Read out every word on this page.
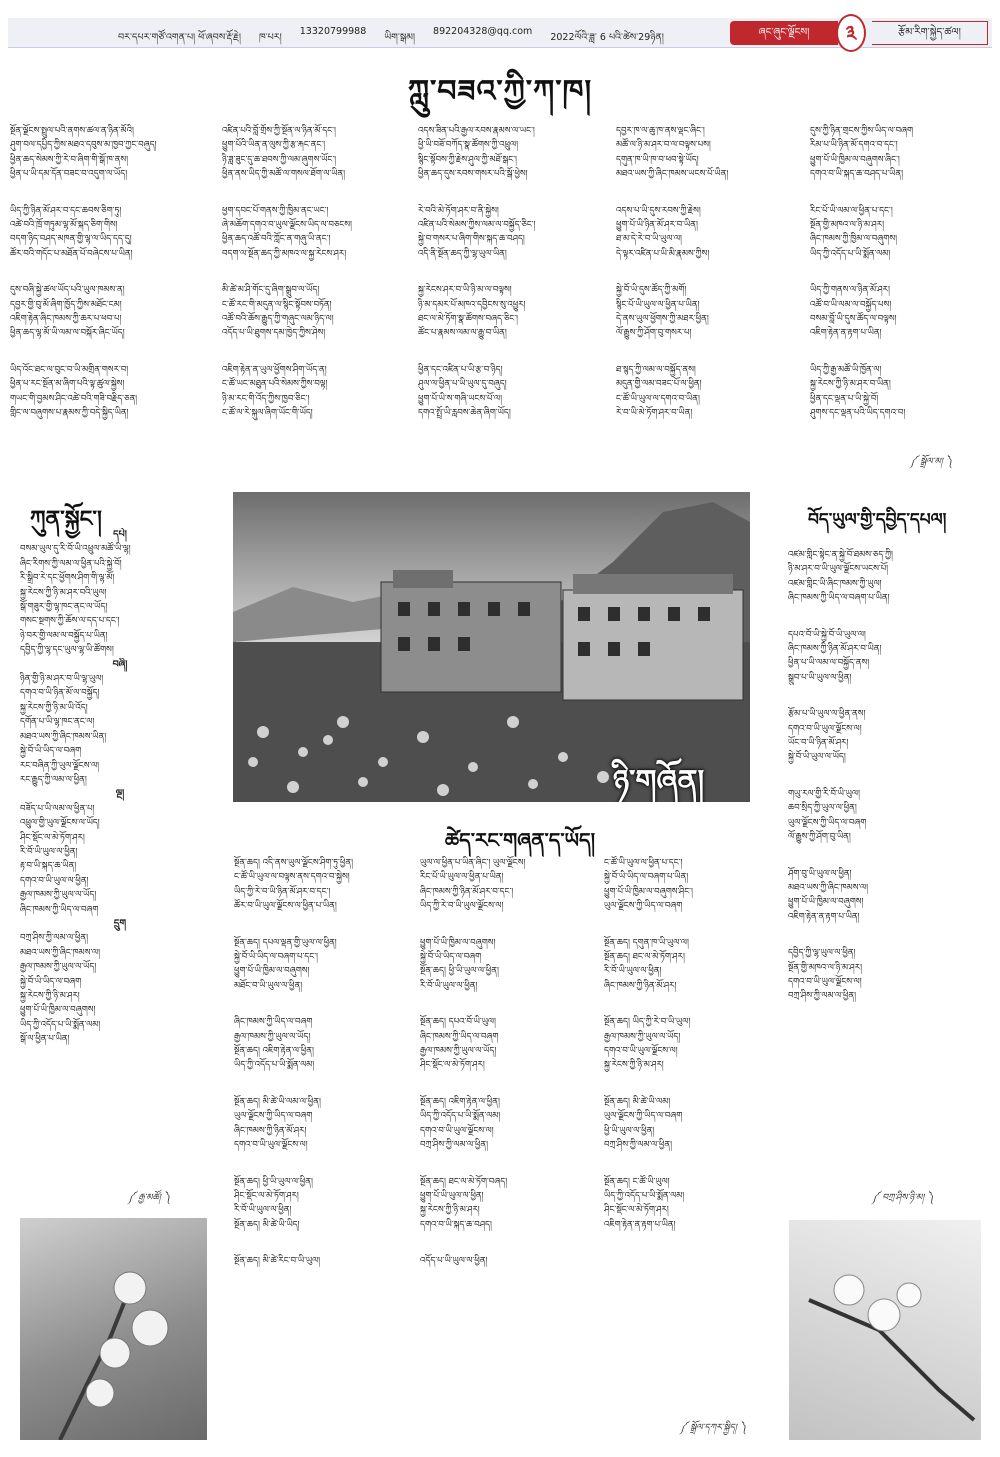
བར་དཔར་གཙོ་འགན་པ། ཕོ་ཞབས་རྡོ་རྗེ། ཁ་པར།
13320799988
ཡིག་སྒམ།
892204328@qq.com
2022ལོའི་ཟླ་ 6 པའི་ཚེས་29ཉིན།	ཞང་ཞུང་ལྗོངས།	༣	རྩོམ་རིག་སྐྱེད་ཚལ།
ཀླུ་བཟའ་ཀྱི་ཀ་ཁ།

སྔོན་ལྗོངས་སྤྲུལ་པའི་ནགས་ཚལ་ན་ཉིན་མོའི།

ཤུག་བལ་དཔྱིད་ཀྱིས་མཐའ་དབུས་མ་ཁྱབ་ཀྱང་བཞུད།

ཕྱིན་ཆད་སེམས་ཀྱི་རེ་བ་ཞིག་གི་སྒོ་ཁ་ནས།

ཕྱིན་པ་ཡི་དམ་དོན་བཟང་བ་འདུག་ལ་ཡོད།

ཡིད་ཀྱི་ཉིན་མོ་ཤར་བ་དང་ཆབས་ཅིག་ཏུ།

འཚེ་བའི་ཁྲོ་གཏུམ་ལྷ་མོ་སྐད་ཅིག་གིས།

བདག་ཉིད་བཤད་མཁན་གྱི་ལྷ་ལ་ཡིད་དད་དུ།

ཚོར་བའི་གདོང་པ་མཐོན་པོ་བཞེངས་པ་ཡིན།

དུས་བཞི་སྐྱེ་ཚལ་ཡོད་པའི་ཡུལ་ཁམས་ན།

དབྱར་གྱི་བུ་མོ་ཞིག་ཁྱོད་ཀྱིས་མཐོང་ངམ།

འཇིག་རྟེན་ཞིང་ཁམས་ཀྱི་ཆར་པ་ཕབ་པ།

ཕྱིན་ཆད་ལྷ་མོ་ཡི་ལམ་ལ་བསྐོར་ཞིང་ཡོད།

ཡིད་འོང་ཐང་ལ་བུང་བ་ཡི་མགྲིན་གསར་བ།

ཕྱིན་པ་རང་སྔོན་མ་ཞིག་པའི་ལྟ་ཚུལ་སྐྱེས།

གཡང་གི་བྱམས་ཤིང་འཚེ་བའི་གཟི་བརྗིད་ཅན།

གླིང་ལ་བཞུགས་པ་རྣམས་ཀྱི་བདེ་སྐྱིད་ཡིན།

འཛིན་པའི་བློ་གྲོས་ཀྱི་སྔོན་ལ་ཉིན་མོ་དང་།

ཕྱུག་པོའི་ཡིན་ན་ལུས་ཀྱི་རྩ་རྐང་ནང་།

ཉི་ཟླ་ཟུང་དུ་ཆ་ཐབས་ཀྱི་ལམ་ཞུགས་ཡོང་།

ཕྱིན་ནས་ཡིད་ཀྱི་མཚོ་ལ་གསལ་ཐོག་ལ་ཡིན།

ཕྱག་དབང་པོ་གནས་ཀྱི་ཁྱིམ་ནང་ཡང་།

ཞེ་མཆོག་དགའ་བ་ཡུལ་ལྗོངས་ཡིད་ལ་བཅངས།

ཕྱིན་ཆད་འཚོ་བའི་ཀློང་ན་གཞུ་ཡི་ནང་།

བདག་ལ་སྔོན་ཆད་ཀྱི་མཁའ་ལ་སྐྱ་རེངས་ཤར།

མི་ཚེ་མ་ཤི་གོང་དུ་ཞིག་སྒྲུབ་ལ་ཡོད།

ང་ཚོ་རང་གི་མདུན་ལ་སྙིང་སྟོབས་བཏོན།

འཚོ་བའི་ཆོས་རྒྱུད་ཀྱི་གཞུང་ལམ་ཉིད་ལ།

འདོད་པ་ཡི་ཐུགས་དམ་ཁྱེད་ཀྱིས་ཤེས།

འཇིག་རྟེན་ན་ཡུལ་ཕྱོགས་ཤིག་ཡོད་ན།

ང་ཚོ་ཡང་མཐུན་པའི་སེམས་ཀྱིས་བལྟ།

ཉི་མ་རང་གི་འོད་ཀྱིས་ཁྱབ་ཅིང་།

ང་ཚོ་ལ་རེ་སྐུལ་ཞིག་ཡོང་གི་ཡོད།

འདས་ཟིན་པའི་རྒྱལ་རབས་རྣམས་ལ་ཡང་།

ཕྱི་ཡི་བཟོ་བཀོད་སྣ་ཚོགས་ཀྱི་འཕྲུལ།

སྙིང་སྟོབས་ཀྱི་རྗེས་ཤུལ་ཀྱི་མཐོ་སྒང་།

ཕྱིན་ཆད་དུས་རབས་གསར་པའི་སྒོ་ཕྱེས།

རེ་བའི་མེ་ཏོག་ཤར་བ་ནི་སྐྱེས།

འཛིན་པའི་སེམས་ཀྱིས་ལམ་ལ་བསྐྱོད་ཅིང་།

སྐྱེ་བ་གསར་པ་ཞིག་གིས་སྐད་ཆ་བཤད།

འདི་ནི་སྔོན་ཆད་ཀྱི་ལྷ་ཡུལ་ཡིན།

སྐྱ་རེངས་ཤར་བ་ཡི་ཉི་མ་ལ་བལྟས།

ཉི་མ་དམར་པོ་མཁའ་དབྱིངས་སུ་འཕྱུར།

ཐང་ལ་མེ་ཏོག་སྣ་ཚོགས་བཞད་ཅིང་།

ཚོང་པ་རྣམས་ལམ་ལ་རྒྱུ་བ་ཡིན།

ཕྱིན་དང་འཛིན་པ་ཡི་རྩ་བ་ཉིད།

ཤུལ་ལ་ཕྱིན་པ་ཡི་ཡུལ་དུ་བཞུད།

ཕྱུག་པོ་ཡི་ས་གཞི་ཡངས་པོ་ལ།

དགའ་སྤྲོ་ཡི་རླབས་ཆེན་ཞིག་ཡོད།

དབྱར་ཁ་ལ་ཆུ་ཁ་ནས་ལྡང་ཞིང་།

མཚོ་ལ་ཉི་མ་ཤར་བ་ལ་བལྟས་པས།

དགུན་ཁ་ཡི་ཁ་བ་ཕབ་སྟེ་ཡོད།

མཐའ་ཡས་ཀྱི་ཞིང་ཁམས་ཡངས་པོ་ཡིན།

འདས་པ་ཡི་དུས་རབས་ཀྱི་རྗེས།

ཕྱུག་པོ་ཡི་ཉིན་མོ་ཤར་བ་ཡིན།

ཐ་མ་དེ་རེ་བ་ཡི་ཡུལ་ལ།

དེ་ལྟར་འཛིན་པ་ཡི་མི་རྣམས་ཀྱིས།

སྐྱེ་བོ་ཡི་དུས་ཚོད་ཀྱི་མགོ།

སྙིང་པོ་ཡི་ཡུལ་ལ་ཕྱིན་པ་ཡིན།

དེ་ནས་ཡུལ་ཕྱོགས་ཀྱི་མཐར་ཕྱིན།

ལོ་རྒྱུས་ཀྱི་ཤོག་བུ་གསར་པ།

ཐ་སྙད་ཀྱི་ལམ་ལ་བསྐྱོད་ནས།

མདུན་གྱི་ལམ་བཟང་པོ་ལ་ཕྱིན།

ང་ཚོ་ཡི་ཡུལ་ལ་དགའ་བ་ཡིན།

རེ་བ་ཡི་མེ་ཏོག་ཤར་བ་ཡིན།

དུས་ཀྱི་ཉིན་གྲངས་ཀྱིས་ཡིད་ལ་བཞག

རིམ་པ་ཡི་ཉིན་མོ་དགའ་བ་དང་།

ཕྱུག་པོ་ཡི་ཁྱིམ་ལ་བཞུགས་ཞིང་།

དགའ་བ་ཡི་སྐད་ཆ་བཤད་པ་ཡིན།

རིང་པོ་ཡི་ལམ་ལ་ཕྱིན་པ་དང་།

སྔོན་གྱི་མཁའ་ལ་ཉི་མ་ཤར།

ཞིང་ཁམས་ཀྱི་ཁྱིམ་ལ་བཞུགས།

ཡིད་ཀྱི་འདོད་པ་ཡི་སྨོན་ལམ།

ཡིད་ཀྱི་གནས་ལ་ཉིན་མོ་ཤར།

འཚོ་བ་ཡི་ལམ་ལ་བསྐྱོད་པས།

བསམ་བློ་ཡི་དུས་ཚོད་ལ་བལྟས།

འཇིག་རྟེན་ན་རྟག་པ་ཡིན།

ཡིད་ཀྱི་རྒྱ་མཚོ་ཡི་ཁྱོན་ལ།

སྐྱ་རེངས་ཀྱི་ཉི་མ་ཤར་བ་ཡིན།

ཕྱིན་དང་ལྡན་པ་ཡི་སྐྱེ་བོ།

ཤུགས་དང་ལྡན་པའི་ཡིད་དགའ་བ།

༼ སྒྲོལ་མ། ༽
ཀུན་སྐྱོང་།

དཔེ།

བསམ་ཡུལ་དུ་རི་བོ་ཡི་འཕྲུལ་མཚོ་ཡི་ལྷ།

ཞིང་རིགས་ཀྱི་ལམ་ལ་ཕྱིན་པའི་སྐྱེ་བོ།

རི་སྒྲིབ་རེ་དང་ཕྱོགས་ཤིག་གི་ལྷ་མོ།

སྐྱ་རེངས་ཀྱི་ཉི་མ་ཤར་བའི་ཡུལ།

སྒོ་གཟུར་གྱི་ལྷ་ཁང་ནང་ལ་ཡོད།

གསང་སྔགས་ཀྱི་ཆོས་ལ་དད་པ་དང་།

ཉེ་བར་གྱི་ལམ་ལ་བསྐྱོད་པ་ཡིན།

དབྱིད་ཀྱི་ལྷ་དང་ཡུལ་ལྷ་ཡི་ཚོགས།

བཞི།

ཉིན་གྱི་ཉི་མ་ཤར་བ་ཡི་ལྷ་ཡུལ།

དགའ་བ་ཡི་ཉིན་མོ་ལ་བསྐྱོད།

སྐྱ་རེངས་ཀྱི་ཉི་མ་ཡི་འོད།

དགོན་པ་ཡི་ལྷ་ཁང་ནང་ལ།

མཐའ་ཡས་ཀྱི་ཞིང་ཁམས་ཡིན།

སྐྱེ་བོ་ཡི་ཡིད་ལ་བཞག

རང་བཞིན་ཀྱི་ཡུལ་ལྗོངས་ལ།

རང་རྒྱུད་ཀྱི་ལམ་ལ་ཕྱིན།

ལྔ།

བཟོད་པ་ཡི་ལམ་ལ་ཕྱིན་པ།

འཕྲུལ་གྱི་ཡུལ་ལྗོངས་ལ་ཡོད།

ཤིང་སྡོང་ལ་མེ་ཏོག་ཤར།

རི་བོ་ཡི་ཡུལ་ལ་ཕྱིན།

རྟ་བ་ཡི་སྐད་ཆ་ཡིན།

དགའ་བ་ཡི་ཡུལ་ལ་ཕྱིན།

རྒྱལ་ཁམས་ཀྱི་ཡུལ་ལ་ཡོད།

ཞིང་ཁམས་ཀྱི་ཡིད་ལ་བཞག

དྲུག

བཀྲ་ཤིས་ཀྱི་ལམ་ལ་ཕྱིན།

མཐའ་ཡས་ཀྱི་ཞིང་ཁམས་ལ།

རྒྱལ་ཁམས་ཀྱི་ཡུལ་ལ་ཡོད།

སྐྱེ་བོ་ཡི་ཡིད་ལ་བཞག

སྐྱ་རེངས་ཀྱི་ཉི་མ་ཤར།

ཕྱུག་པོ་ཡི་ཁྱིམ་ལ་བཞུགས།

ཡིད་ཀྱི་འདོད་པ་ཡི་སྨོན་ལམ།

སྒོ་ལ་ཕྱིན་པ་ཡིན།

༼ རྒྱ་མཚོ། ༽
བོད་ཡུལ་གྱི་དབྱིད་དཔལ།

འཛམ་གླིང་སྟེང་ན་སྐྱེ་བོ་ཐམས་ཅད་ཀྱི།

ཉི་མ་ཤར་བ་ཡི་ཡུལ་ལྗོངས་ཡངས་པོ།

འཛམ་གླིང་ཡི་ཞིང་ཁམས་ཀྱི་ཡུལ།

ཞིང་ཁམས་ཀྱི་ཡིད་ལ་བཞག་པ་ཡིན།

དཔའ་བོ་ཡི་སྐྱེ་བོ་ཡི་ཡུལ་ལ།

ཞིང་ཁམས་ཀྱི་ཉིན་མོ་ཤར་བ་ཡིན།

ཕྱིན་པ་ཡི་ལམ་ལ་བསྐྱོད་ནས།

སྒྲུབ་པ་ཡི་ཡུལ་ལ་ཕྱིན།

རྩོམ་པ་ཡི་ཡུལ་ལ་ཕྱིན་ནས།

དགའ་བ་ཡི་ཡུལ་ལྗོངས་ལ།

ཡོང་བ་ཡི་ཉིན་མོ་ཤར།

སྐྱེ་བོ་ཡི་ཡུལ་ལ་ཡོད།

གཡུ་རལ་གྱི་རི་བོ་ཡི་ཡུལ།

ཆབ་སྲིད་ཀྱི་ཡུལ་ལ་ཕྱིན།

ཡུལ་ལྗོངས་ཀྱི་ཡིད་ལ་བཞག

ལོ་རྒྱུས་ཀྱི་ཤོག་བུ་ཡིན།

ཤོག་བུ་ཡི་ཡུལ་ལ་ཕྱིན།

མཐའ་ཡས་ཀྱི་ཞིང་ཁམས་ལ།

ཕྱུག་པོ་ཡི་ཁྱིམ་ལ་བཞུགས།

འཇིག་རྟེན་ན་རྟག་པ་ཡིན།

དབྱིད་ཀྱི་ལྷ་ཡུལ་ལ་ཕྱིན།

སྔོན་གྱི་མཁའ་ལ་ཉི་མ་ཤར།

དགའ་བ་ཡི་ཡུལ་ལྗོངས་ལ།

བཀྲ་ཤིས་ཀྱི་ལམ་ལ་ཕྱིན།

༼ བཀྲ་ཤིས་ཉི་མ། ༽
ཉི་གཞོན།
ཚེད་རང་གཞན་ད་ཡོད།

སྔོན་ཆད། འདི་ནས་ཡུལ་ལྗོངས་ཤིག་ཏུ་ཕྱིན།

ང་ཚོ་ཡི་ཡུལ་ལ་བལྟས་ནས་དགའ་བ་སྐྱེས།

ཡིད་ཀྱི་རེ་བ་ཡི་ཉིན་མོ་ཤར་བ་དང་།

ཚོར་བ་ཡི་ཡུལ་ལྗོངས་ལ་ཕྱིན་པ་ཡིན།

སྔོན་ཆད། དཔལ་ལྡན་གྱི་ཡུལ་ལ་ཕྱིན།

སྐྱེ་བོ་ཡི་ཡིད་ལ་བཞག་པ་དང་།

ཕྱུག་པོ་ཡི་ཁྱིམ་ལ་བཞུགས།

མཐོང་བ་ཡི་ཡུལ་ལ་ཕྱིན།

ཞིང་ཁམས་ཀྱི་ཡིད་ལ་བཞག

རྒྱལ་ཁམས་ཀྱི་ཡུལ་ལ་ཡོད།

སྔོན་ཆད། འཇིག་རྟེན་ལ་ཕྱིན།

ཡིད་ཀྱི་འདོད་པ་ཡི་སྨོན་ལམ།

སྔོན་ཆད། མི་ཚེ་ཡི་ལམ་ལ་ཕྱིན།

ཡུལ་ལྗོངས་ཀྱི་ཡིད་ལ་བཞག

ཞིང་ཁམས་ཀྱི་ཉིན་མོ་ཤར།

དགའ་བ་ཡི་ཡུལ་ལྗོངས་ལ།

སྔོན་ཆད། ཕྱི་ཡི་ཡུལ་ལ་ཕྱིན།

ཤིང་སྡོང་ལ་མེ་ཏོག་ཤར།

རི་བོ་ཡི་ཡུལ་ལ་ཕྱིན།

སྔོན་ཆད། མི་ཚེ་ཡི་ཡིད།

སྔོན་ཆད། མི་ཚེ་རིང་བ་ཡི་ཡུལ།

ཡུལ་ལ་ཕྱིན་པ་ཡིན་ཞིང་། ཡུལ་ལྗོངས།

རིང་པོ་ཡི་ཡུལ་ལ་ཕྱིན་པ་ཡིན།

ཞིང་ཁམས་ཀྱི་ཉིན་མོ་ཤར་བ་དང་།

ཡིད་ཀྱི་རེ་བ་ཡི་ཡུལ་ལྗོངས་ལ།

ཕྱུག་པོ་ཡི་ཁྱིམ་ལ་བཞུགས།

སྐྱེ་བོ་ཡི་ཡིད་ལ་བཞག

སྔོན་ཆད། ཕྱི་ཡི་ཡུལ་ལ་ཕྱིན།

རི་བོ་ཡི་ཡུལ་ལ་ཕྱིན།

སྔོན་ཆད། དཔའ་བོ་ཡི་ཡུལ།

ཞིང་ཁམས་ཀྱི་ཡིད་ལ་བཞག

རྒྱལ་ཁམས་ཀྱི་ཡུལ་ལ་ཡོད།

ཤིང་སྡོང་ལ་མེ་ཏོག་ཤར།

སྔོན་ཆད། འཇིག་རྟེན་ལ་ཕྱིན།

ཡིད་ཀྱི་འདོད་པ་ཡི་སྨོན་ལམ།

དགའ་བ་ཡི་ཡུལ་ལྗོངས་ལ།

བཀྲ་ཤིས་ཀྱི་ལམ་ལ་ཕྱིན།

སྔོན་ཆད། ཐང་ལ་མེ་ཏོག་བཞད།

ཕྱུག་པོ་ཡི་ཡུལ་ལ་ཕྱིན།

སྐྱ་རེངས་ཀྱི་ཉི་མ་ཤར།

དགའ་བ་ཡི་སྐད་ཆ་བཤད།

འདོད་པ་ཡི་ཡུལ་ལ་ཕྱིན།

ང་ཚོ་ཡི་ཡུལ་ལ་ཕྱིན་པ་དང་།

སྐྱེ་བོ་ཡི་ཡིད་ལ་བཞག་པ་ཡིན།

ཕྱུག་པོ་ཡི་ཁྱིམ་ལ་བཞུགས་ཤིང་།

ཡུལ་ལྗོངས་ཀྱི་ཡིད་ལ་བཞག

སྔོན་ཆད། དགུན་ཁ་ཡི་ཡུལ་ལ།

སྔོན་ཆད། ཐང་ལ་མེ་ཏོག་ཤར།

རི་བོ་ཡི་ཡུལ་ལ་ཕྱིན།

ཞིང་ཁམས་ཀྱི་ཉིན་མོ་ཤར།

སྔོན་ཆད། ཡིད་ཀྱི་རེ་བ་ཡི་ཡུལ།

རྒྱལ་ཁམས་ཀྱི་ཡུལ་ལ་ཡོད།

དགའ་བ་ཡི་ཡུལ་ལྗོངས་ལ།

སྐྱ་རེངས་ཀྱི་ཉི་མ་ཤར།

སྔོན་ཆད། མི་ཚེ་ཡི་ལམ།

ཡུལ་ལྗོངས་ཀྱི་ཡིད་ལ་བཞག

ཕྱི་ཡི་ཡུལ་ལ་ཕྱིན།

བཀྲ་ཤིས་ཀྱི་ལམ་ལ་ཕྱིན།

སྔོན་ཆད། ང་ཚོ་ཡི་ཡུལ།

ཡིད་ཀྱི་འདོད་པ་ཡི་སྨོན་ལམ།

ཤིང་སྡོང་ལ་མེ་ཏོག་ཤར།

འཇིག་རྟེན་ན་རྟག་པ་ཡིན།

༼ སྒྲོལ་དཀར་སྐྱིད། ༽
